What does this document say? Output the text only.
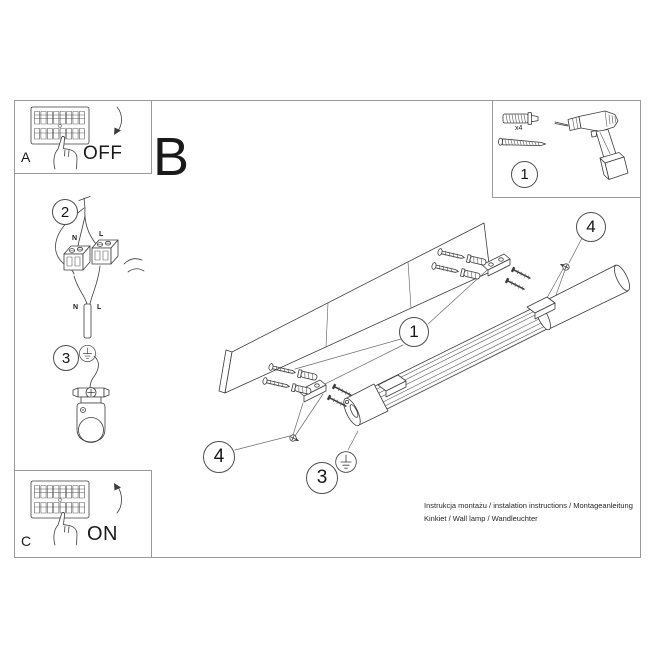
A	OFF B	x4
1
N
L
N	L
2
3
C	ON
1
4
4
3
Instrukcja montażu / instalation instructions / Montageanleitung
Kinkiet / Wall lamp / Wandleuchter
